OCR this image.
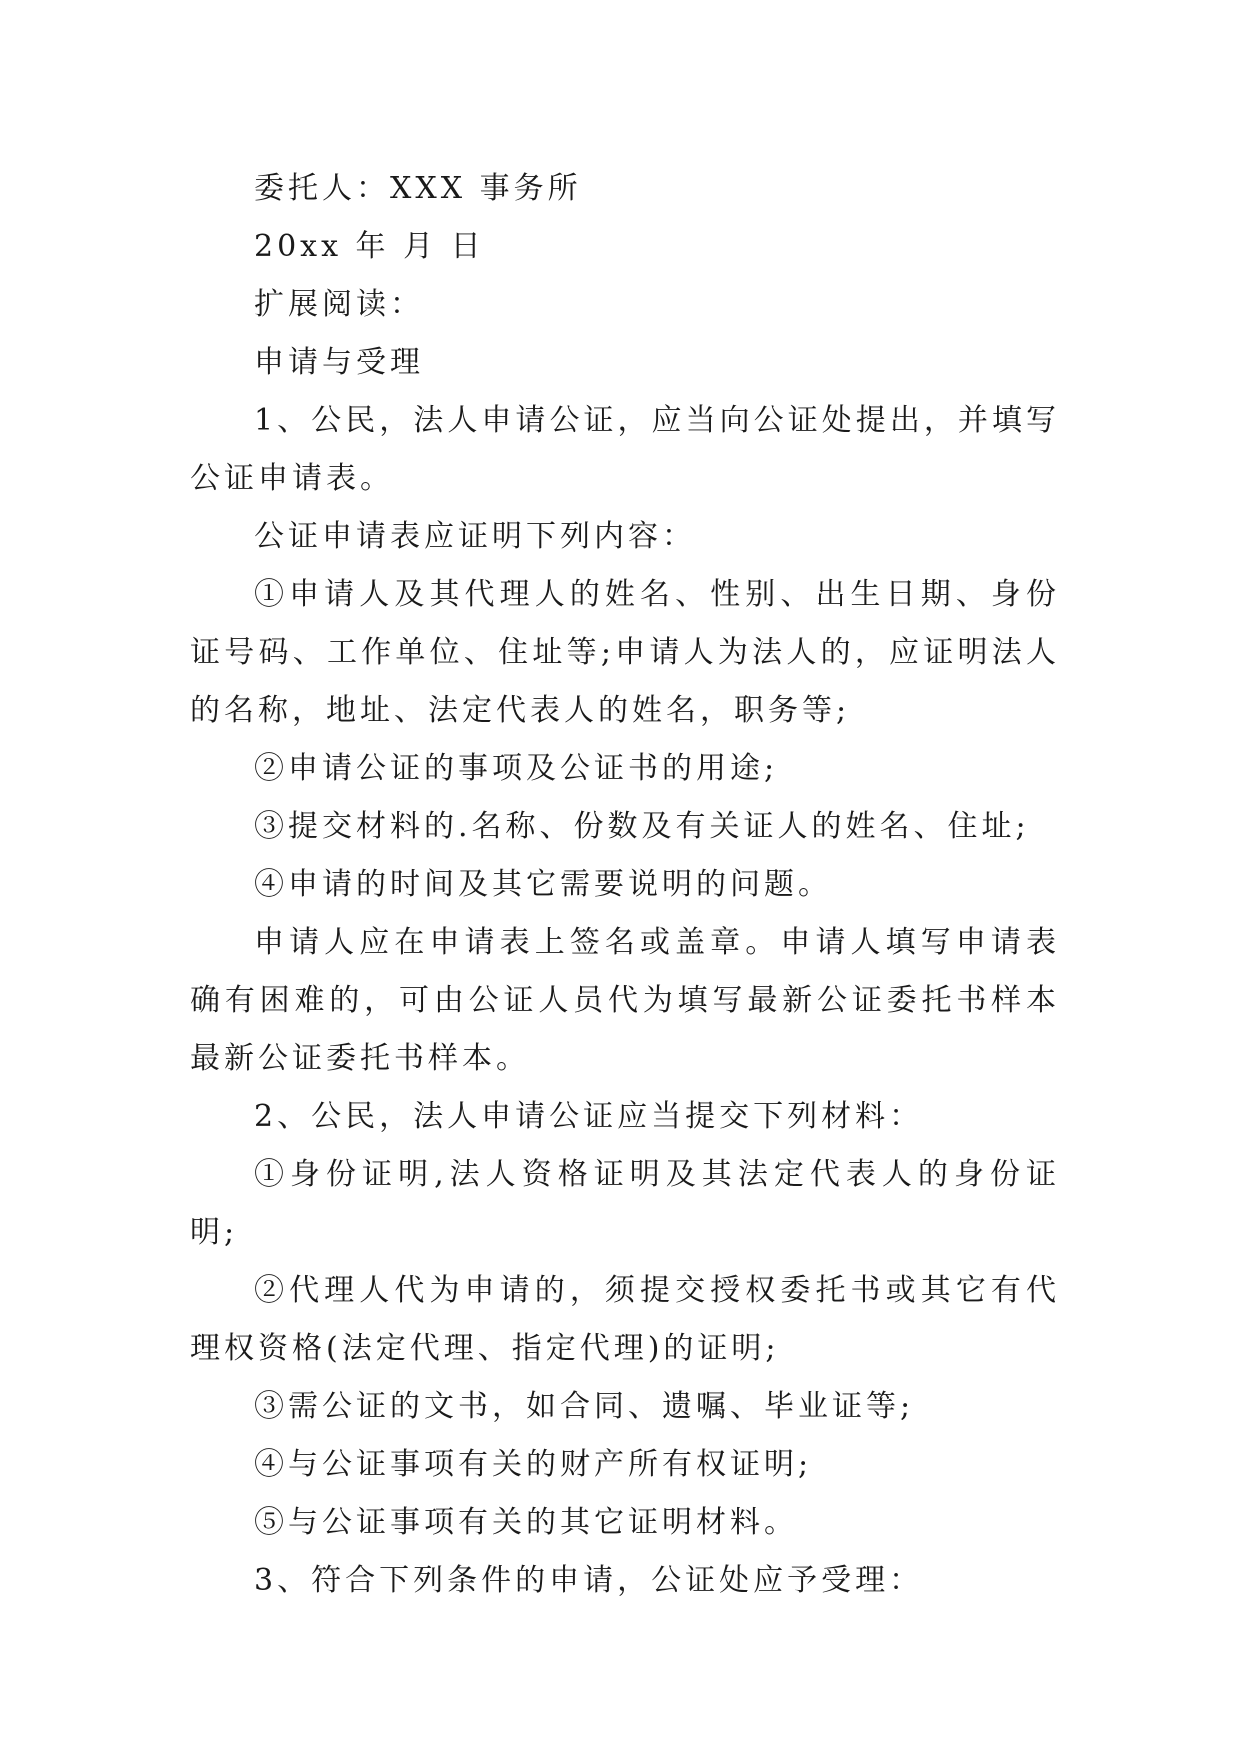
委托人：XXX 事务所

20xx 年 月 日

扩展阅读：

申请与受理

1、公民，法人申请公证，应当向公证处提出，并填写公证申请表。

公证申请表应证明下列内容：

①申请人及其代理人的姓名、性别、出生日期、身份证号码、工作单位、住址等;申请人为法人的，应证明法人的名称，地址、法定代表人的姓名，职务等;

②申请公证的事项及公证书的用途;

③提交材料的.名称、份数及有关证人的姓名、住址;

④申请的时间及其它需要说明的问题。

申请人应在申请表上签名或盖章。申请人填写申请表确有困难的，可由公证人员代为填写最新公证委托书样本最新公证委托书样本。

2、公民，法人申请公证应当提交下列材料：

①身份证明,法人资格证明及其法定代表人的身份证明;

②代理人代为申请的，须提交授权委托书或其它有代理权资格(法定代理、指定代理)的证明;

③需公证的文书，如合同、遗嘱、毕业证等;

④与公证事项有关的财产所有权证明;

⑤与公证事项有关的其它证明材料。

3、符合下列条件的申请，公证处应予受理：
